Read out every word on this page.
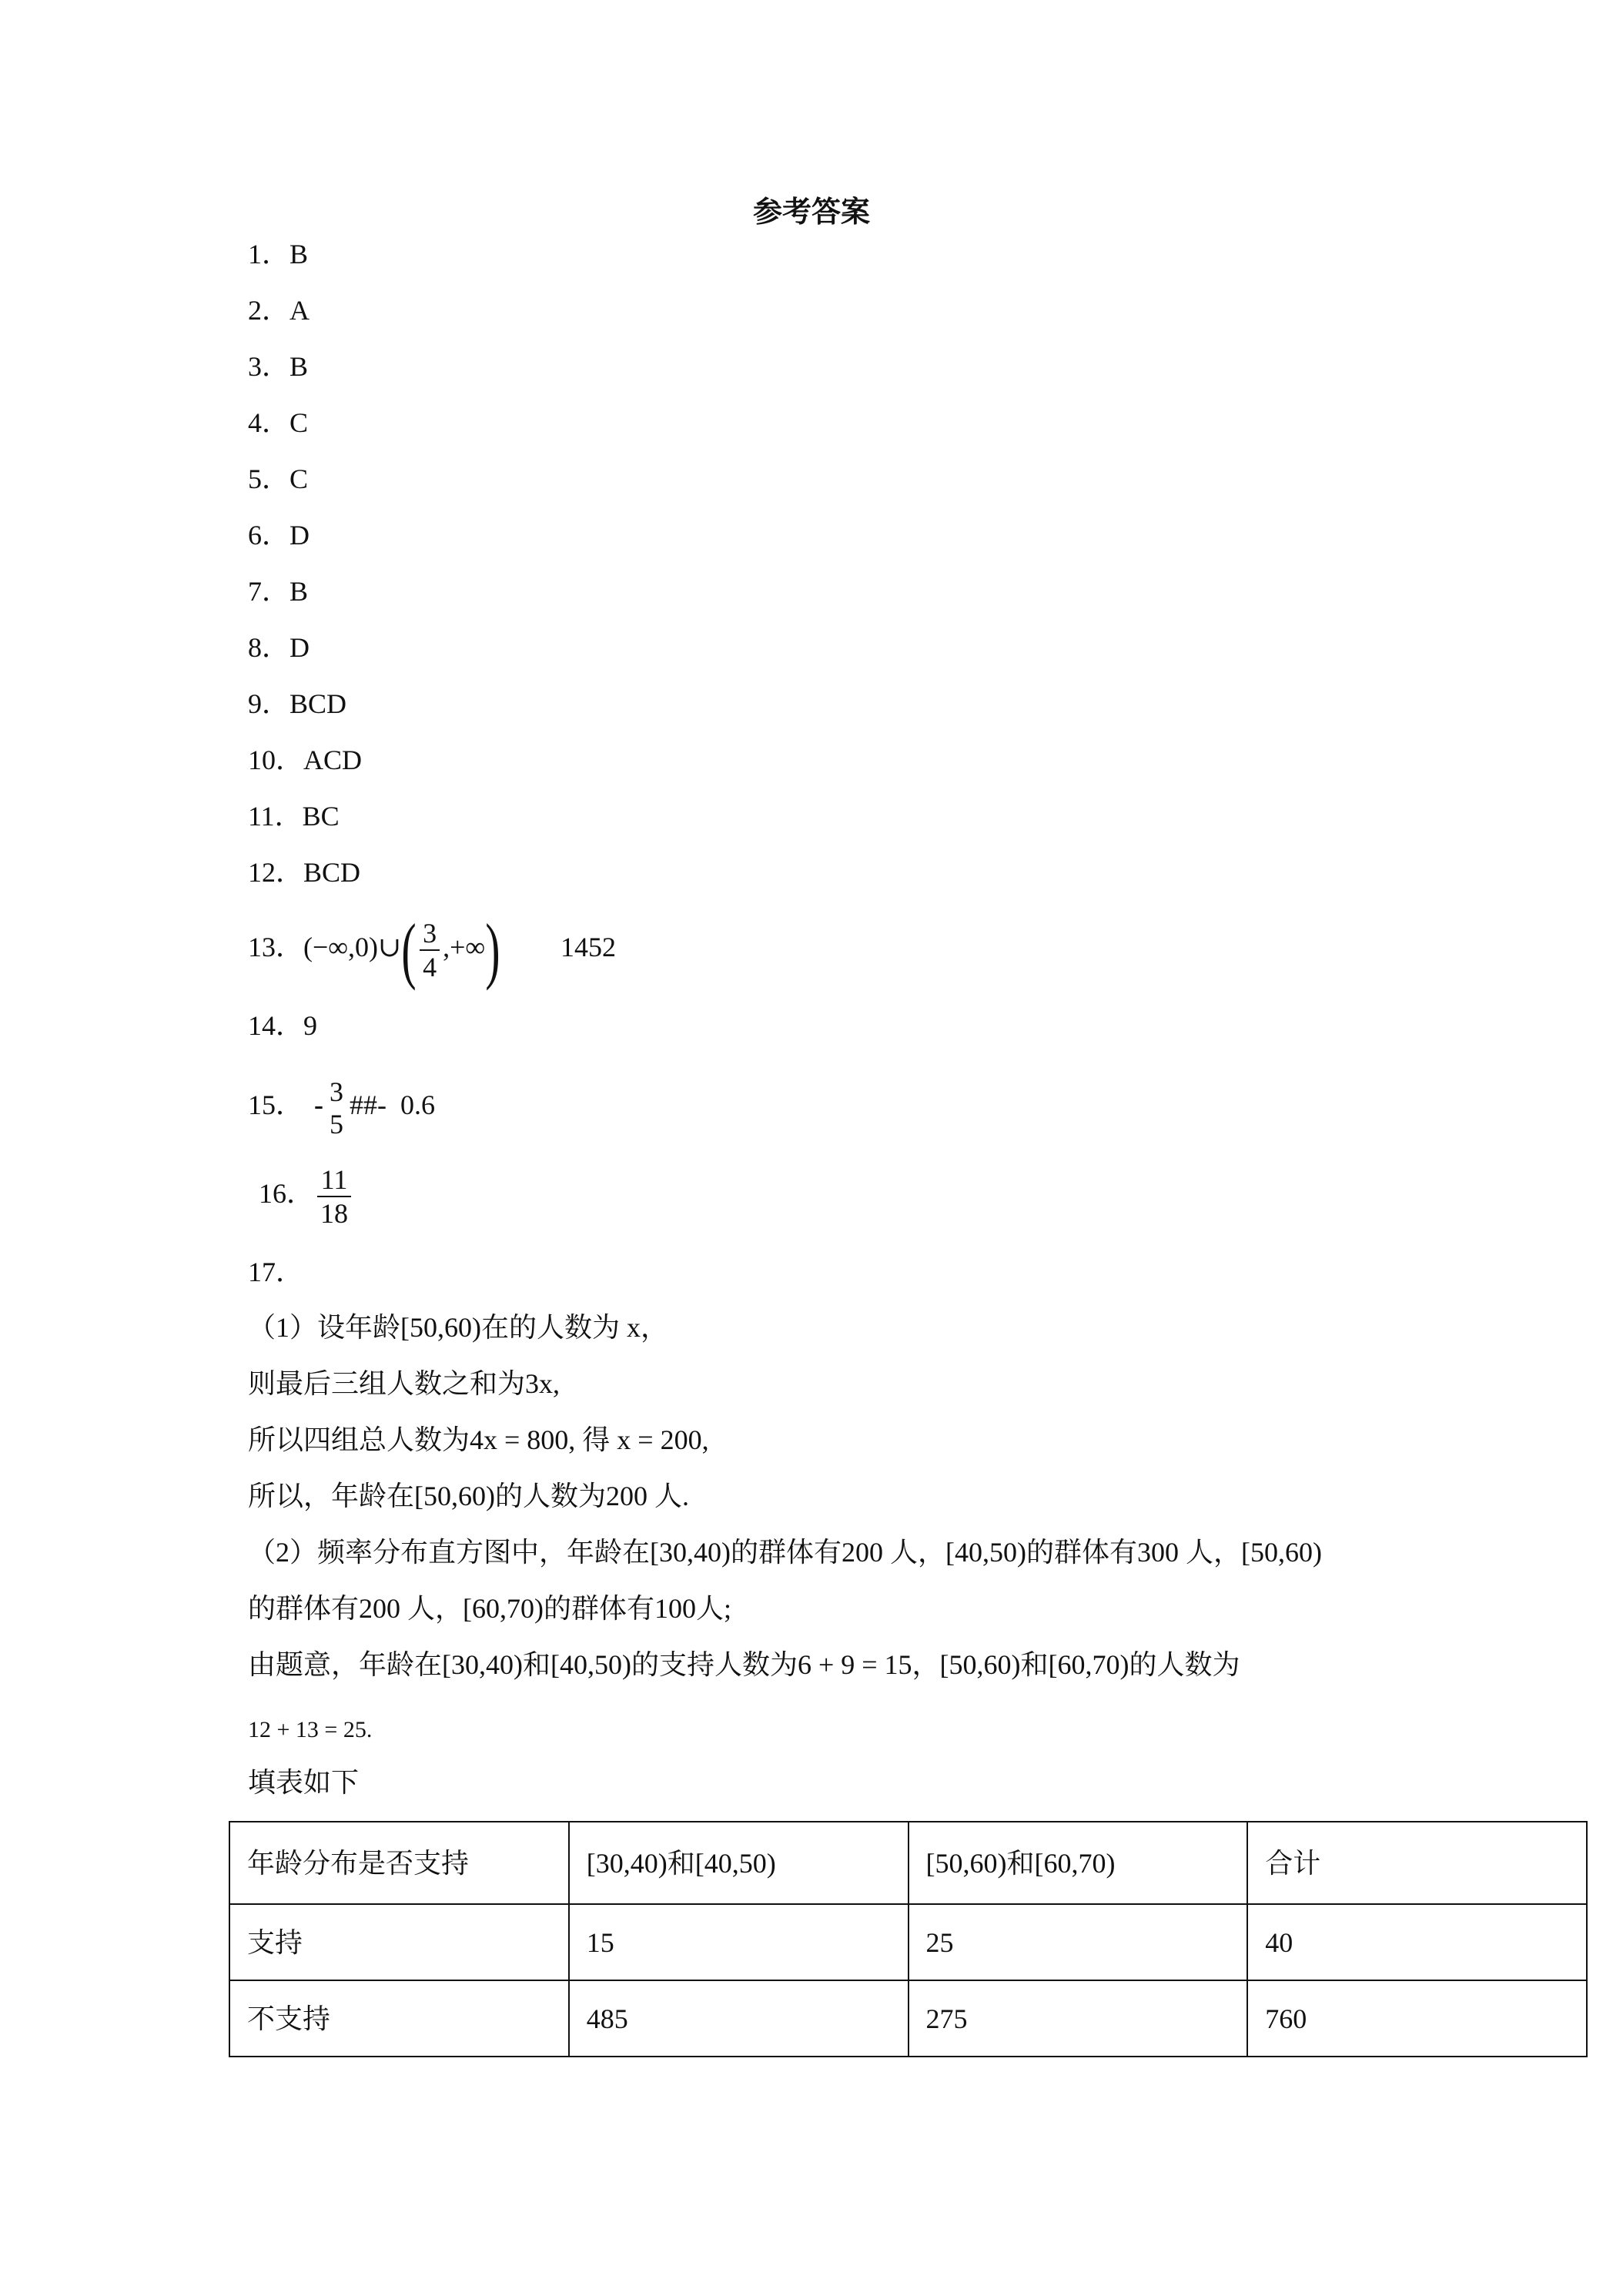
参考答案
1．B
2．A
3．B
4．C
5．C
6．D
7．B
8．D
9．BCD
10．ACD
11．BC
12．BCD
13．(−∞,0)∪( $\frac{3}{4}$ ,+∞) 1452
14．9
15． - 3
5
##-  0.6
16． $\frac{11}{18}$
17．
（1）设年龄[50,60)在的人数为 x，
则最后三组人数之和为3x,
所以四组总人数为4x = 800, 得 x = 200,
所以，年龄在[50,60)的人数为200 人.
（2）频率分布直方图中，年龄在[30,40)的群体有200 人，[40,50)的群体有300 人，[50,60)
的群体有200 人，[60,70)的群体有100人;
由题意，年龄在[30,40)和[40,50)的支持人数为6 + 9 = 15，[50,60)和[60,70)的人数为
12 + 13 = 25.
填表如下
年龄分布是否支持	[30,40)和[40,50)	[50,60)和[60,70)	合计
支持	15	25	40
不支持	485	275	760
